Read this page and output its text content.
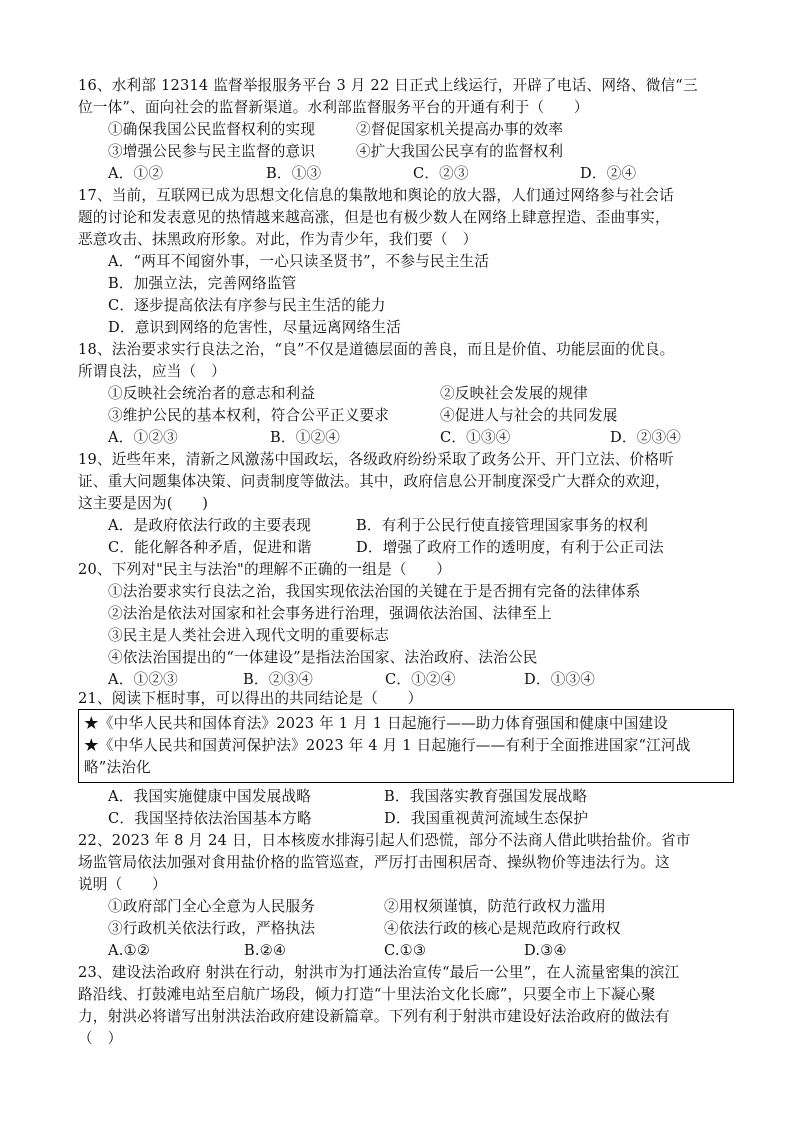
16、水利部 12314 监督举报服务平台 3 月 22 日正式上线运行，开辟了电话、网络、微信“三
位一体”、面向社会的监督新渠道。水利部监督服务平台的开通有利于（　　）
①确保我国公民监督权利的实现	②督促国家机关提高办事的效率
③增强公民参与民主监督的意识	④扩大我国公民享有的监督权利
A．①②	B．①③	C．②③	D．②④
17、当前，互联网已成为思想文化信息的集散地和舆论的放大器，人们通过网络参与社会话
题的讨论和发表意见的热情越来越高涨，但是也有极少数人在网络上肆意捏造、歪曲事实，
恶意攻击、抹黑政府形象。对此，作为青少年，我们要（　）
A．“两耳不闻窗外事，一心只读圣贤书”，不参与民主生活
B．加强立法，完善网络监管
C．逐步提高依法有序参与民主生活的能力
D．意识到网络的危害性，尽量远离网络生活
18、法治要求实行良法之治，“良”不仅是道德层面的善良，而且是价值、功能层面的优良。
所谓良法，应当（　）
①反映社会统治者的意志和利益	②反映社会发展的规律
③维护公民的基本权利，符合公平正义要求	④促进人与社会的共同发展
A．①②③	B．①②④	C．①③④	D．②③④
19、近些年来，清新之风激荡中国政坛，各级政府纷纷采取了政务公开、开门立法、价格听
证、重大问题集体决策、问责制度等做法。其中，政府信息公开制度深受广大群众的欢迎，
这主要是因为(　　)
A．是政府依法行政的主要表现	B．有利于公民行使直接管理国家事务的权利
C．能化解各种矛盾，促进和谐	D．增强了政府工作的透明度，有利于公正司法
20、下列对"民主与法治"的理解不正确的一组是（　　）
①法治要求实行良法之治，我国实现依法治国的关键在于是否拥有完备的法律体系
②法治是依法对国家和社会事务进行治理，强调依法治国、法律至上
③民主是人类社会进入现代文明的重要标志
④依法治国提出的“一体建设”是指法治国家、法治政府、法治公民
A．①②③	B．②③④	C．①②④	D．①③④
21、阅读下框时事，可以得出的共同结论是（　　）
★《中华人民共和国体育法》2023 年 1 月 1 日起施行——助力体育强国和健康中国建设
★《中华人民共和国黄河保护法》2023 年 4 月 1 日起施行——有利于全面推进国家“江河战
略”法治化
A．我国实施健康中国发展战略	B．我国落实教育强国发展战略
C．我国坚持依法治国基本方略	D．我国重视黄河流域生态保护
22、2023 年 8 月 24 日，日本核废水排海引起人们恐慌，部分不法商人借此哄抬盐价。省市
场监管局依法加强对食用盐价格的监管巡查，严厉打击囤积居奇、操纵物价等违法行为。这
说明（　　）
①政府部门全心全意为人民服务	②用权须谨慎，防范行政权力滥用
③行政机关依法行政，严格执法	④依法行政的核心是规范政府行政权
A.①②	B.②④	C.①③	D.③④
23、建设法治政府 射洪在行动，射洪市为打通法治宣传“最后一公里”，在人流量密集的滨江
路沿线、打鼓滩电站至启航广场段，倾力打造“十里法治文化长廊”，只要全市上下凝心聚
力，射洪必将谱写出射洪法治政府建设新篇章。下列有利于射洪市建设好法治政府的做法有
（　）
